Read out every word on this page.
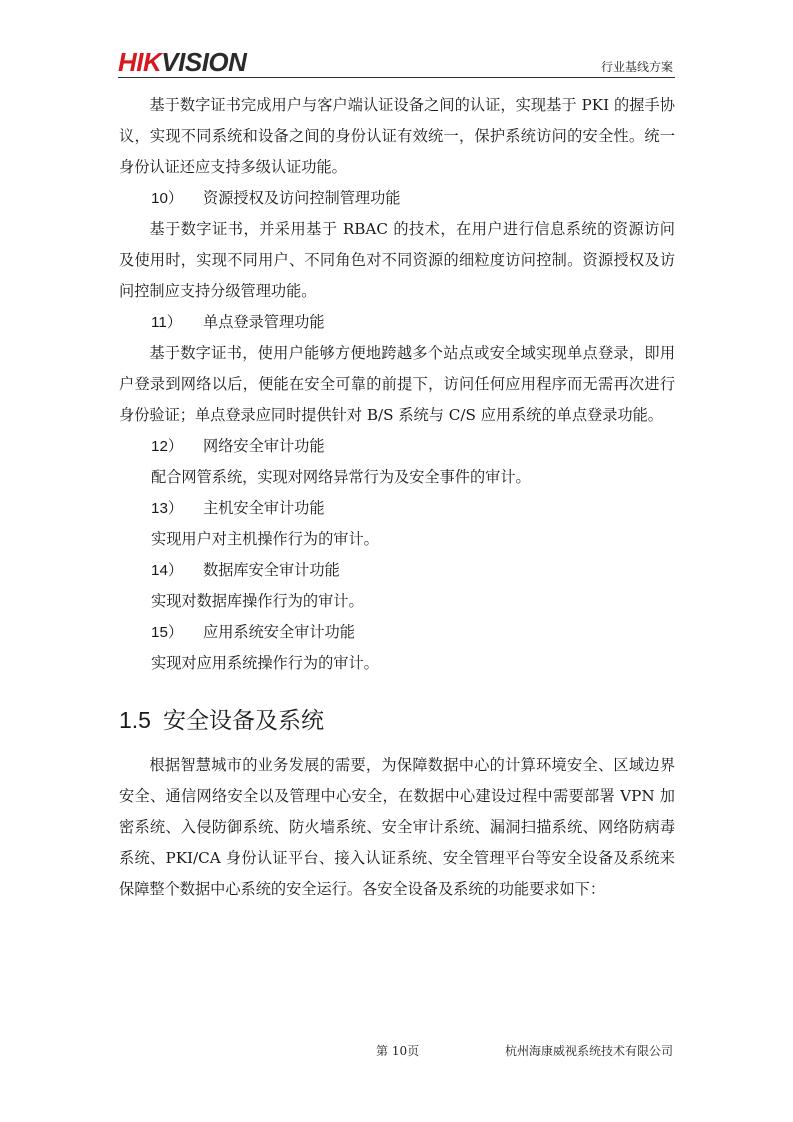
HIKVISION	行业基线方案

基于数字证书完成用户与客户端认证设备之间的认证，实现基于 PKI 的握手协议，实现不同系统和设备之间的身份认证有效统一，保护系统访问的安全性。统一身份认证还应支持多级认证功能。

10）	资源授权及访问控制管理功能

基于数字证书，并采用基于 RBAC 的技术，在用户进行信息系统的资源访问及使用时，实现不同用户、不同角色对不同资源的细粒度访问控制。资源授权及访问控制应支持分级管理功能。

11）	单点登录管理功能

基于数字证书，使用户能够方便地跨越多个站点或安全域实现单点登录，即用户登录到网络以后，便能在安全可靠的前提下，访问任何应用程序而无需再次进行身份验证；单点登录应同时提供针对 B/S 系统与 C/S 应用系统的单点登录功能。

12）	网络安全审计功能

配合网管系统，实现对网络异常行为及安全事件的审计。

13）	主机安全审计功能

实现用户对主机操作行为的审计。

14）	数据库安全审计功能

实现对数据库操作行为的审计。

15）	应用系统安全审计功能

实现对应用系统操作行为的审计。

1.5 安全设备及系统

根据智慧城市的业务发展的需要，为保障数据中心的计算环境安全、区域边界安全、通信网络安全以及管理中心安全，在数据中心建设过程中需要部署 VPN 加密系统、入侵防御系统、防火墙系统、安全审计系统、漏洞扫描系统、网络防病毒系统、PKI/CA 身份认证平台、接入认证系统、安全管理平台等安全设备及系统来保障整个数据中心系统的安全运行。各安全设备及系统的功能要求如下：

第 10页	杭州海康威视系统技术有限公司
